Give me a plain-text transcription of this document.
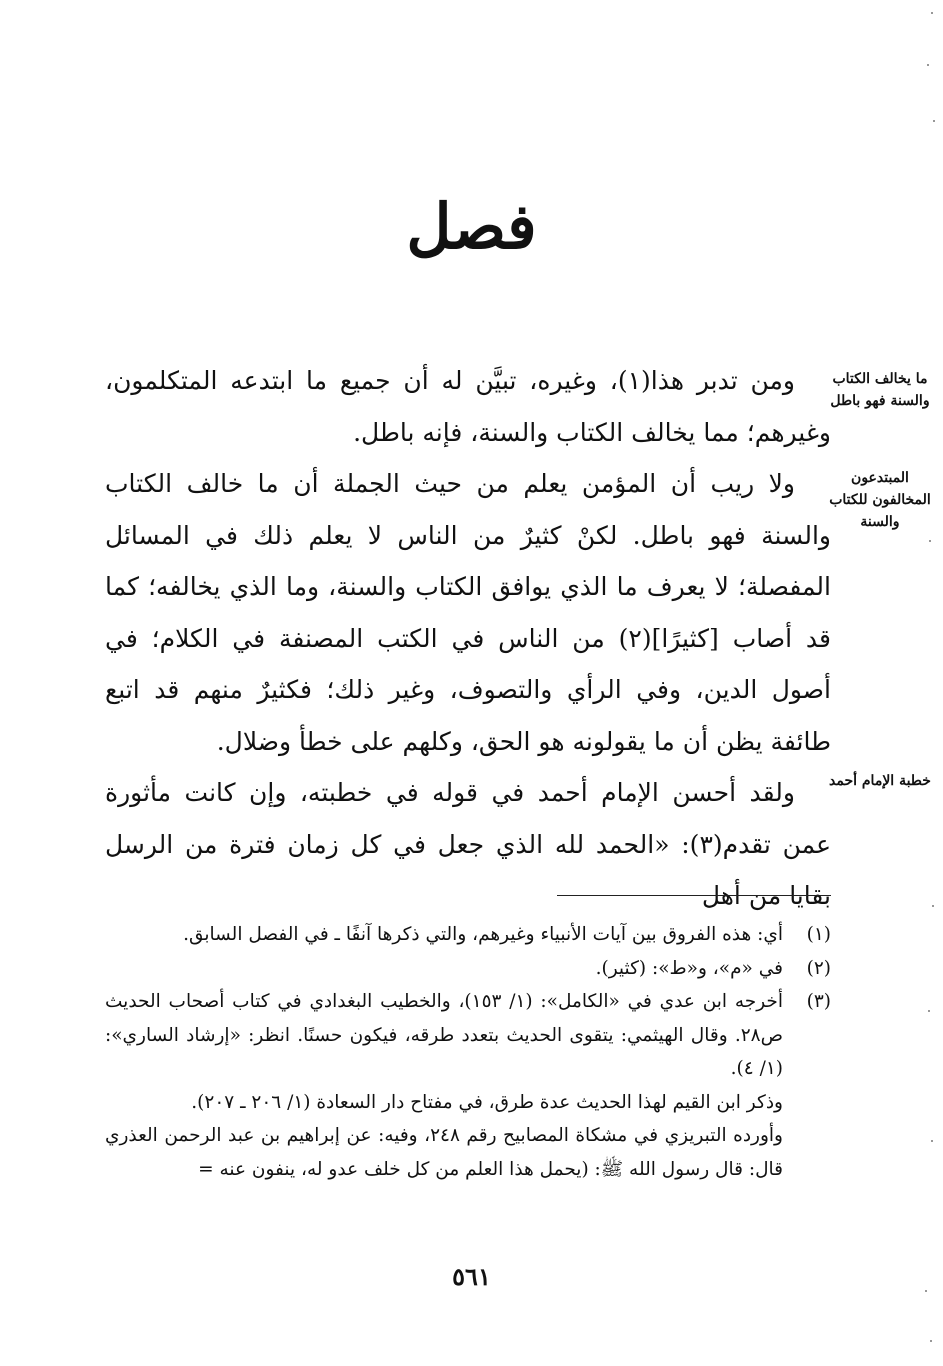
فصل
ما يخالف الكتاب والسنة فهو باطل
المبتدعون المخالفون للكتاب والسنة
خطبة الإمام أحمد

ومن تدبر هذا(١)، وغيره، تبيَّن له أن جميع ما ابتدعه المتكلمون، وغيرهم؛ مما يخالف الكتاب والسنة، فإنه باطل.

ولا ريب أن المؤمن يعلم من حيث الجملة أن ما خالف الكتاب والسنة فهو باطل. لكنْ كثيرٌ من الناس لا يعلم ذلك في المسائل المفصلة؛ لا يعرف ما الذي يوافق الكتاب والسنة، وما الذي يخالفه؛ كما قد أصاب [كثيرًا](٢) من الناس في الكتب المصنفة في الكلام؛ في أصول الدين، وفي الرأي والتصوف، وغير ذلك؛ فكثيرٌ منهم قد اتبع طائفة يظن أن ما يقولونه هو الحق، وكلهم على خطأ وضلال.

ولقد أحسن الإمام أحمد في قوله في خطبته، وإن كانت مأثورة عمن تقدم(٣): «الحمد لله الذي جعل في كل زمان فترة من الرسل بقايا من أهل

(١)
أي: هذه الفروق بين آيات الأنبياء وغيرهم، والتي ذكرها آنفًا ـ في الفصل السابق.

(٢)
في «م»، و«ط»: (كثير).

(٣)
أخرجه ابن عدي في «الكامل»: (١/ ١٥٣)، والخطيب البغدادي في كتاب أصحاب الحديث ص٢٨. وقال الهيثمي: يتقوى الحديث بتعدد طرقه، فيكون حسنًا. انظر: «إرشاد الساري»: (١/ ٤).

وذكر ابن القيم لهذا الحديث عدة طرق، في مفتاح دار السعادة (١/ ٢٠٦ ـ ٢٠٧).

وأورده التبريزي في مشكاة المصابيح رقم ٢٤٨، وفيه: عن إبراهيم بن عبد الرحمن العذري قال: قال رسول الله ﷺ: (يحمل هذا العلم من كل خلف عدو له، ينفون عنه =

٥٦١
